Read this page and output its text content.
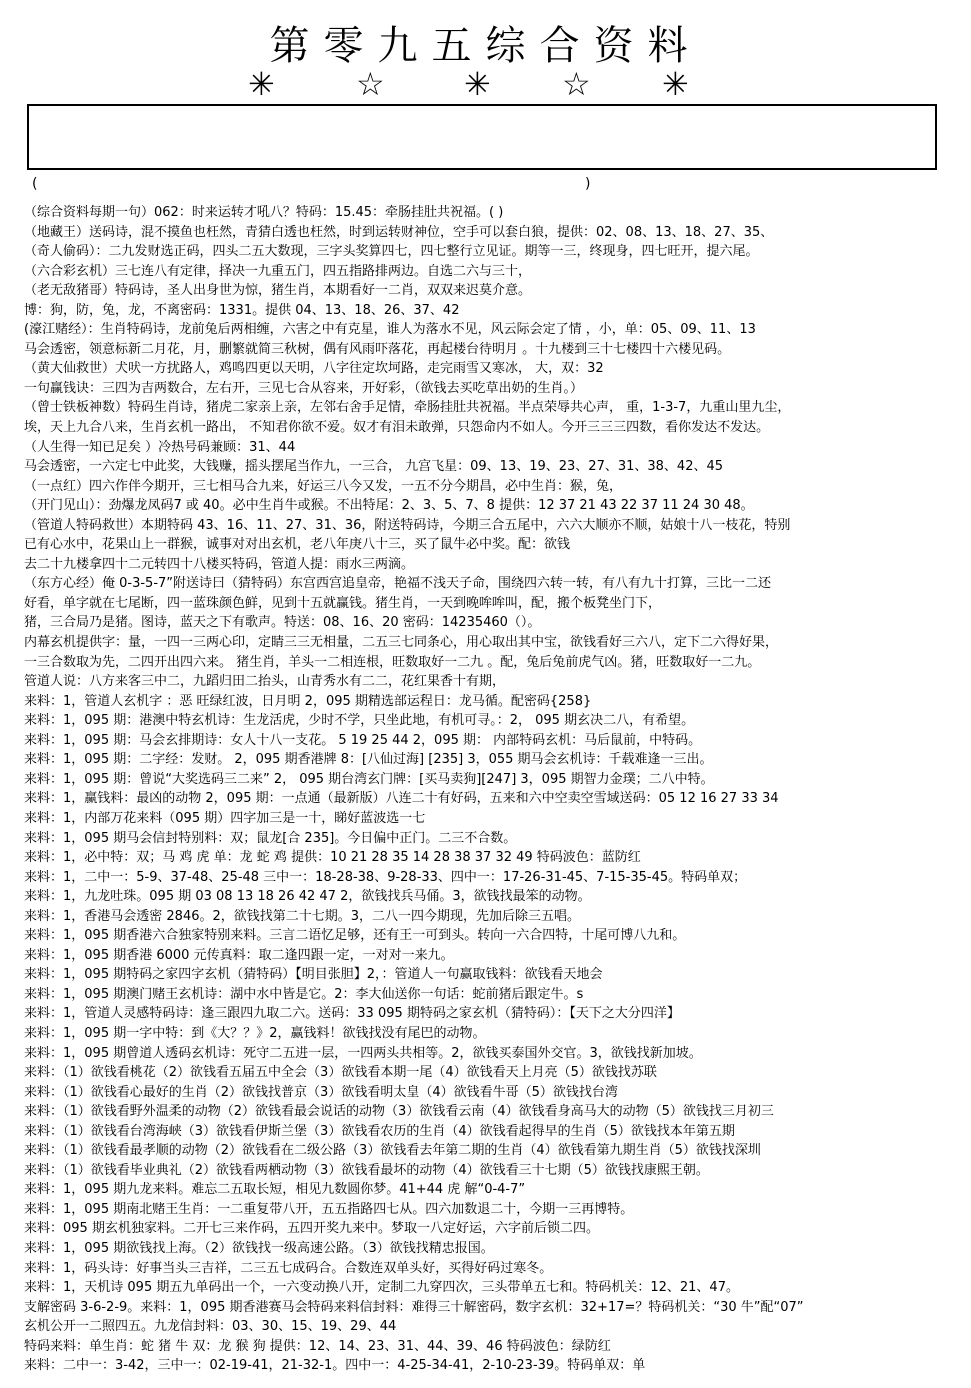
第零九五综合资料
✳	☆ ✳ ☆ ✳
(	)
（综合资料每期一句）062：时来运转才吼八？特码：15.45：牵肠挂肚共祝福。( )
（地藏王）送码诗，混不摸鱼也枉然，青猜白透也枉然，时到运转财神位，空手可以套白狼，提供：02、08、13、18、27、35、
（奇人偷码）：二九发财选正码，四头二五大数现，三字头奖算四七，四七整行立见证。期等一三，终现身，四七旺开，提六尾。
（六合彩玄机）三七连八有定律，择决一九重五门，四五指路排两边。自选二六与三十，
（老无敌猪哥）特码诗，圣人出身世为惊，猪生肖，本期看好一二肖，双双来迟莫介意。
博：狗，防，兔，龙，不离密码：1331。提供 04、13、18、26、37、42
(濠江赌经）：生肖特码诗，龙前兔后两相缠，六害之中有克星，谁人为落水不见，风云际会定了情 ，小，单：05、09、11、13
马会透密，领意标新二月花，月，删繁就简三秋树，偶有风雨吓落花，再起楼台待明月 。十九楼到三十七楼四十六楼见码。
（黄大仙救世）犬吠一方扰路人，鸡鸣四更以天明，八字往定坎坷路，走完雨雪又寒冰， 大，双：32
一句赢钱诀：三四为吉两数合，左右开，三见七合从容来，开好彩，（欲钱去买吃草出奶的生肖。）
（曾士铁板神数）特码生肖诗，猪虎二家亲上亲，左邻右舍手足情，牵肠挂肚共祝福。半点荣辱共心声， 重，1-3-7，九重山里九尘，
埃，天上九合八来，生肖玄机一路出， 不知君你欲不爱。奴才有泪未敢弹，只怨命内不如人。今开三三三四数，看你发达不发达。
（人生得一知已足矣 ）冷热号码兼顾：31、44
马会透密，一六定七中此奖，大钱赚，摇头摆尾当作九，一三合， 九宫飞星：09、13、19、23、27、31、38、42、45
（一点红）四六作伴今期开，三七相马合九来，好运三八今又发，一五不分今期昌，必中生肖：猴，兔，
（开门见山）：劲爆龙凤码7 或 40。必中生肖牛或猴。不出特尾：2、3、5、7、8 提供：12 37 21 43 22 37 11 24 30 48。
（管道人特码救世）本期特码 43、16、11、27、31、36，附送特码诗，今期三合五尾中，六六大顺亦不顺，姑娘十八一枝花，特别
已有心水中，花果山上一群猴，诚事对对出玄机，老八年庚八十三，买了鼠牛必中奖。配：欲钱
去二十九楼拿四十二元转四十八楼买特码，管道人提：雨水三两滴。
（东方心经）俺 0-3-5-7”附送诗曰（猜特码）东宫西宫追皇帝，艳福不浅天子命，围绕四六转一转，有八有九十打算，三比一二还
好看，单字就在七尾断，四一蓝珠颜色鲜，见到十五就赢钱。猪生肖，一天到晚哞哞叫，配，搬个板凳坐门下，
猪，三合局乃是猪。图诗，蓝天之下有歌声。特送：08、16、20 密码：14235460（）。
内幕玄机提供字：量，一四一三两心印，定睛三三无相量，二五三七同条心，用心取出其中宝，欲钱看好三六八，定下二六得好果，
一三合数取为先，二四开出四六来。 猪生肖，羊头一二相连根，旺数取好一二九 。配，兔后兔前虎气凶。猪，旺数取好一二九。
管道人说：八方来客三中二，九蹈归田二抬头，山青秀水有二二，花红果香十有期，
来料：1，管道人玄机字 ：恶 旺绿红波，日月明 2，095 期精选部运程日：龙马循。配密码{258}
来料：1，095 期：港澳中特玄机诗：生龙活虎，少时不学，只坐此地，有机可寻。：2， 095 期玄决二八，有希望。
来料：1，095 期：马会玄排期诗：女人十八一支花。 5 19 25 44 2，095 期： 内部特码玄机：马后鼠前，中特码。
来料：1，095 期：二字经：发财。 2，095 期香港牌 8：[八仙过海] [235] 3，055 期马会玄机诗：千载难逢一三出。
来料：1，095 期：曾说“大奖选码三二来” 2， 095 期台湾玄门牌：[买马卖狗][247] 3，095 期智力金璞；二八中特。
来料：1，赢钱料：最凶的动物 2，095 期：一点通（最新版）八连二十有好码，五来和六中空卖空雪域送码：05 12 16 27 33 34
来料：1，内部万花来料（095 期）四字加三是一十，睇好蓝波选一七
来料：1，095 期马会信封特别料：双；鼠龙[合 235]。今日偏中正门。二三不合数。
来料：1，必中特：双；马 鸡 虎 单：龙 蛇 鸡 提供：10 21 28 35 14 28 38 37 32 49 特码波色：蓝防红
来料：1，二中一：5-9、37-48、25-48 三中一：18-28-38、9-28-33、四中一：17-26-31-45、7-15-35-45。特码单双；
来料：1，九龙吐珠。095 期 03 08 13 18 26 42 47 2，欲钱找兵马俑。3，欲钱找最笨的动物。
来料：1，香港马会透密 2846。2，欲钱找第二十七期。3，二八一四今期现，先加后除三五唱。
来料：1，095 期香港六合独家特别来料。三言二语忆足够，还有王一可到头。转向一六合四特，十尾可博八九和。
来料：1，095 期香港 6000 元传真料：取二逢四跟一定，一对对一来九。
来料：1，095 期特码之家四字玄机（猜特码）【明目张胆】2，：管道人一句赢取钱料：欲钱看天地会
来料：1，095 期澳门赌王玄机诗：湖中水中皆是它。2：李大仙送你一句话：蛇前猪后跟定牛。s
来料：1，管道人灵感特码诗：逢三跟四九取二六。送码：33 095 期特码之家玄机（猜特码）：【天下之大分四洋】
来料：1，095 期一字中特：到《大？？》2，赢钱料！欲钱找没有尾巴的动物。
来料：1，095 期曾道人透码玄机诗：死守二五进一层，一四两头共相等。2，欲钱买泰国外交官。3，欲钱找新加坡。
来料：（1）欲钱看桃花（2）欲钱看五届五中全会（3）欲钱看本期一尾（4）欲钱看天上月亮（5）欲钱找苏联
来料：（1）欲钱看心最好的生肖（2）欲钱找普京（3）欲钱看明太皇（4）欲钱看牛哥（5）欲钱找台湾
来料：（1）欲钱看野外温柔的动物（2）欲钱看最会说话的动物（3）欲钱看云南（4）欲钱看身高马大的动物（5）欲钱找三月初三
来料：（1）欲钱看台湾海峡（3）欲钱看伊斯兰堡（3）欲钱看农历的生肖（4）欲钱看起得早的生肖（5）欲钱找本年第五期
来料：（1）欲钱看最孝顺的动物（2）欲钱看在二级公路（3）欲钱看去年第二期的生肖（4）欲钱看第九期生肖（5）欲钱找深圳
来料：（1）欲钱看毕业典礼（2）欲钱看两栖动物（3）欲钱看最坏的动物（4）欲钱看三十七期（5）欲钱找康熙王朝。
来料：1，095 期九龙来料。难忘二五取长短，相见九数圆你梦。41+44 虎 解“0-4-7”
来料：1，095 期南北赌王生肖：一二重复带八开，五五指路四七从。四六加数退二十，今期一三再博特。
来料：095 期玄机独家料。二开七三来作码，五四开奖九来中。梦取一八定好运，六字前后锁二四。
来料：1，095 期欲钱找上海。（2）欲钱找一级高速公路。（3）欲钱找精忠报国。
来料：1，码头诗：好事当头三吉祥，二三五七成码合。合数连双单头好，买得好码过寒冬。
来料：1，天机诗 095 期五九单码出一个，一六变动换八开，定制二九穿四次，三头带单五七和。特码机关：12、21、47。
支解密码 3-6-2-9。来料：1，095 期香港赛马会特码来料信封料：难得三十解密码，数字玄机：32+17=？特码机关：“30 牛”配“07”
玄机公开一二照四五。九龙信封料：03、30、15、19、29、44
特码来料：单生肖：蛇 猪 牛 双：龙 猴 狗 提供：12、14、23、31、44、39、46 特码波色：绿防红
来料：二中一：3-42，三中一：02-19-41，21-32-1。四中一：4-25-34-41，2-10-23-39。特码单双：单
